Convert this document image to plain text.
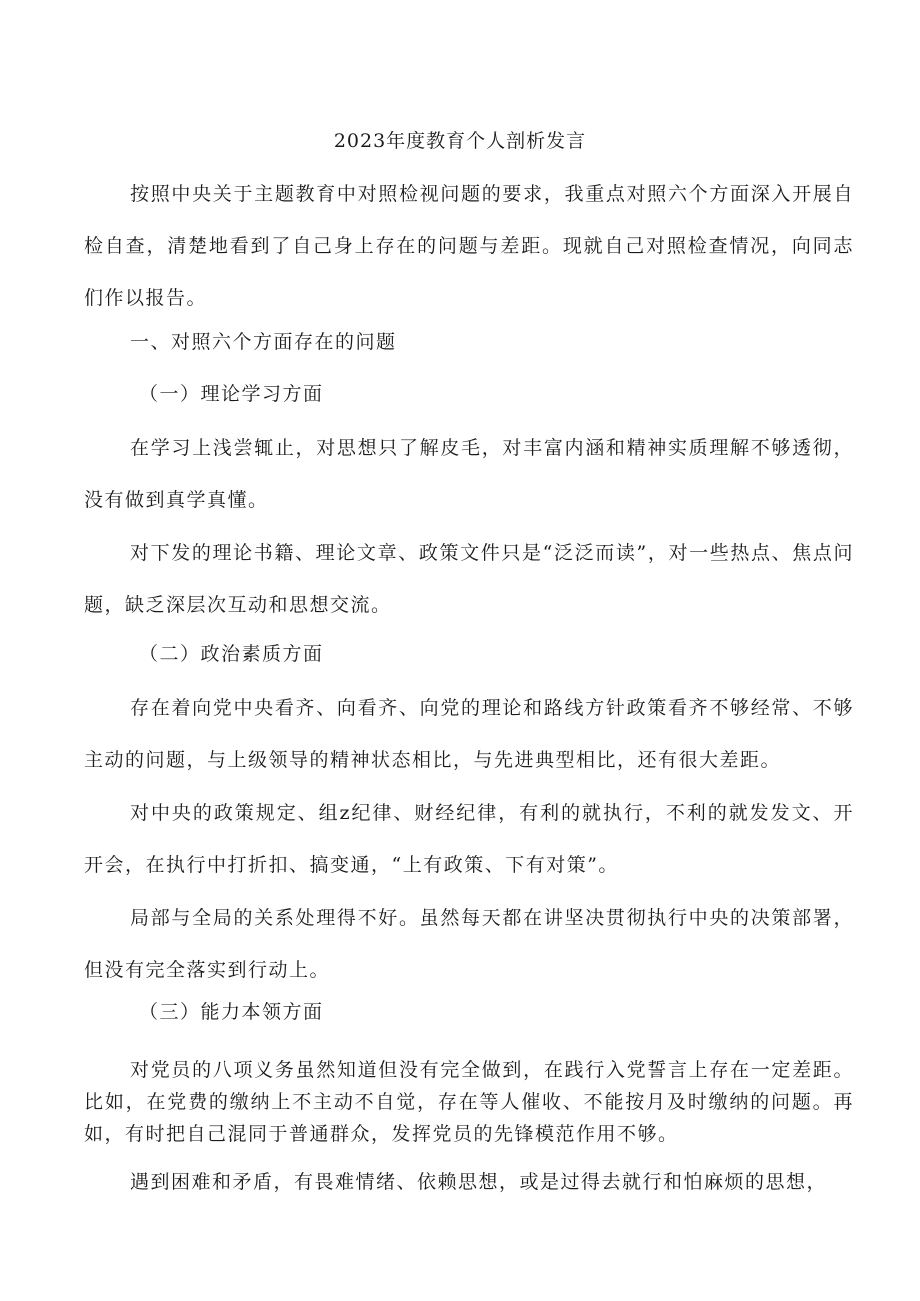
2023年度教育个人剖析发言

按照中央关于主题教育中对照检视问题的要求，我重点对照六个方面深入开展自检自查，清楚地看到了自己身上存在的问题与差距。现就自己对照检查情况，向同志们作以报告。

一、对照六个方面存在的问题
（一）理论学习方面

在学习上浅尝辄止，对思想只了解皮毛，对丰富内涵和精神实质理解不够透彻，没有做到真学真懂。

对下发的理论书籍、理论文章、政策文件只是“泛泛而读”，对一些热点、焦点问题，缺乏深层次互动和思想交流。

（二）政治素质方面

存在着向党中央看齐、向看齐、向党的理论和路线方针政策看齐不够经常、不够主动的问题，与上级领导的精神状态相比，与先进典型相比，还有很大差距。

对中央的政策规定、组z纪律、财经纪律，有利的就执行，不利的就发发文、开开会，在执行中打折扣、搞变通，“上有政策、下有对策”。

局部与全局的关系处理得不好。虽然每天都在讲坚决贯彻执行中央的决策部署，但没有完全落实到行动上。

（三）能力本领方面

对党员的八项义务虽然知道但没有完全做到，在践行入党誓言上存在一定差距。比如，在党费的缴纳上不主动不自觉，存在等人催收、不能按月及时缴纳的问题。再如，有时把自己混同于普通群众，发挥党员的先锋模范作用不够。

遇到困难和矛盾，有畏难情绪、依赖思想，或是过得去就行和怕麻烦的思想，
